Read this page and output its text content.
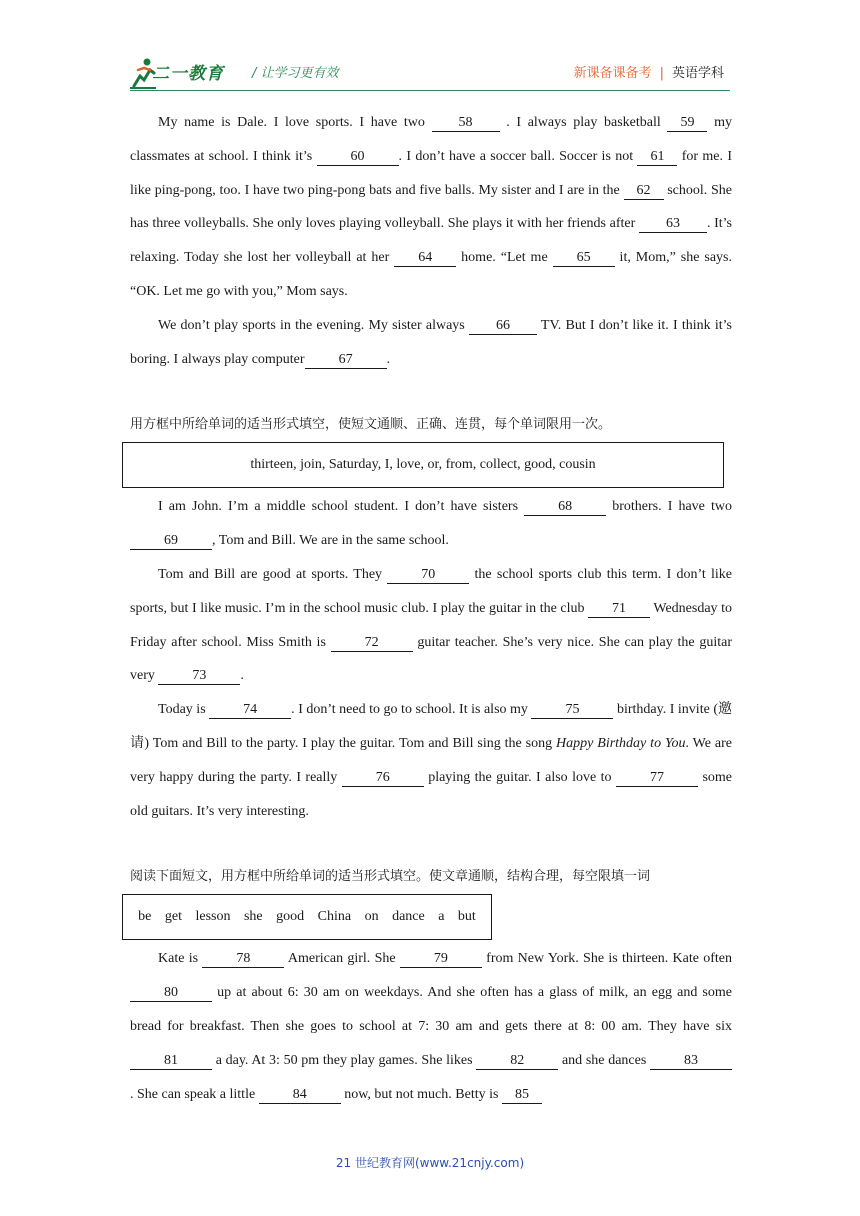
二一教育 / 让学习更有效	新课备课备考 | 英语学科

My name is Dale. I love sports. I have two 58 . I always play basketball 59 my classmates at school. I think it’s 60 . I don’t have a soccer ball. Soccer is not 61 for me. I like ping-pong, too. I have two ping-pong bats and five balls. My sister and I are in the 62 school. She has three volleyballs. She only loves playing volleyball. She plays it with her friends after 63 . It’s relaxing. Today she lost her volleyball at her 64 home. “Let me 65 it, Mom,” she says. “OK. Let me go with you,” Mom says.

We don’t play sports in the evening. My sister always 66 TV. But I don’t like it. I think it’s boring. I always play computer 67 .

用方框中所给单词的适当形式填空，使短文通顺、正确、连贯，每个单词限用一次。

thirteen, join, Saturday, I, love, or, from, collect, good, cousin

I am John. I’m a middle school student. I don’t have sisters 68 brothers. I have two 69 , Tom and Bill. We are in the same school.

Tom and Bill are good at sports. They 70 the school sports club this term. I don’t like sports, but I like music. I’m in the school music club. I play the guitar in the club 71 Wednesday to Friday after school. Miss Smith is 72 guitar teacher. She’s very nice. She can play the guitar very 73 .

Today is 74 . I don’t need to go to school. It is also my 75 birthday. I invite (邀请) Tom and Bill to the party. I play the guitar. Tom and Bill sing the song Happy Birthday to You. We are very happy during the party. I really 76 playing the guitar. I also love to 77 some old guitars. It’s very interesting.

阅读下面短文，用方框中所给单词的适当形式填空。使文章通顺，结构合理，每空限填一词

be get lesson she good China on dance a but

Kate is 78 American girl. She 79 from New York. She is thirteen. Kate often 80 up at about 6: 30 am on weekdays. And she often has a glass of milk, an egg and some bread for breakfast. Then she goes to school at 7: 30 am and gets there at 8: 00 am. They have six 81 a day. At 3: 50 pm they play games. She likes 82 and she dances 83. She can speak a little 84 now, but not much. Betty is 85

21 世纪教育网(www.21cnjy.com)
